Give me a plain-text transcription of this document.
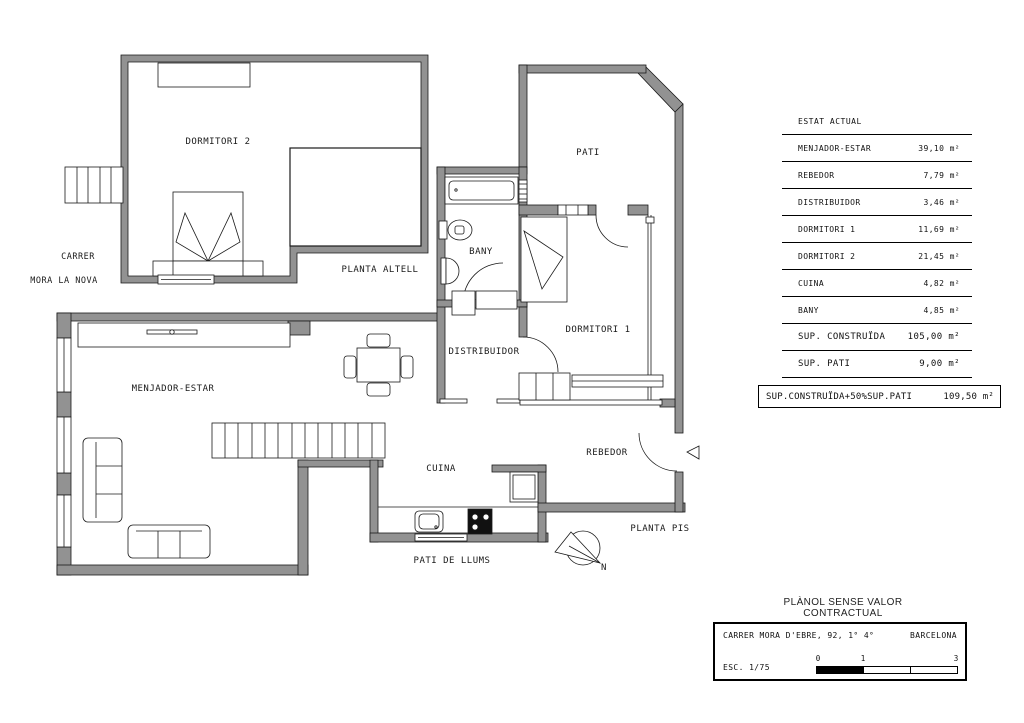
DORMITORI 2
PATI
BANY
DORMITORI 1
DISTRIBUIDOR
MENJADOR-ESTAR
CUINA
REBEDOR
PATI DE LLUMS
PLANTA ALTELL
PLANTA PIS
CARRER
MORA LA NOVA
N
ESTAT ACTUAL
MENJADOR-ESTAR	39,10 m²
REBEDOR	7,79 m²
DISTRIBUIDOR	3,46 m²
DORMITORI 1	11,69 m²
DORMITORI 2	21,45 m²
CUINA	4,82 m²
BANY	4,85 m²
SUP. CONSTRUÏDA 105,00 m²
SUP. PATI	9,00 m²
SUP.CONSTRUÏDA+50%SUP.PATI	109,50 m²
PLÀNOL SENSE VALOR CONTRACTUAL
CARRER MORA D'EBRE, 92, 1° 4°	BARCELONA
ESC. 1/75
0	1	3
